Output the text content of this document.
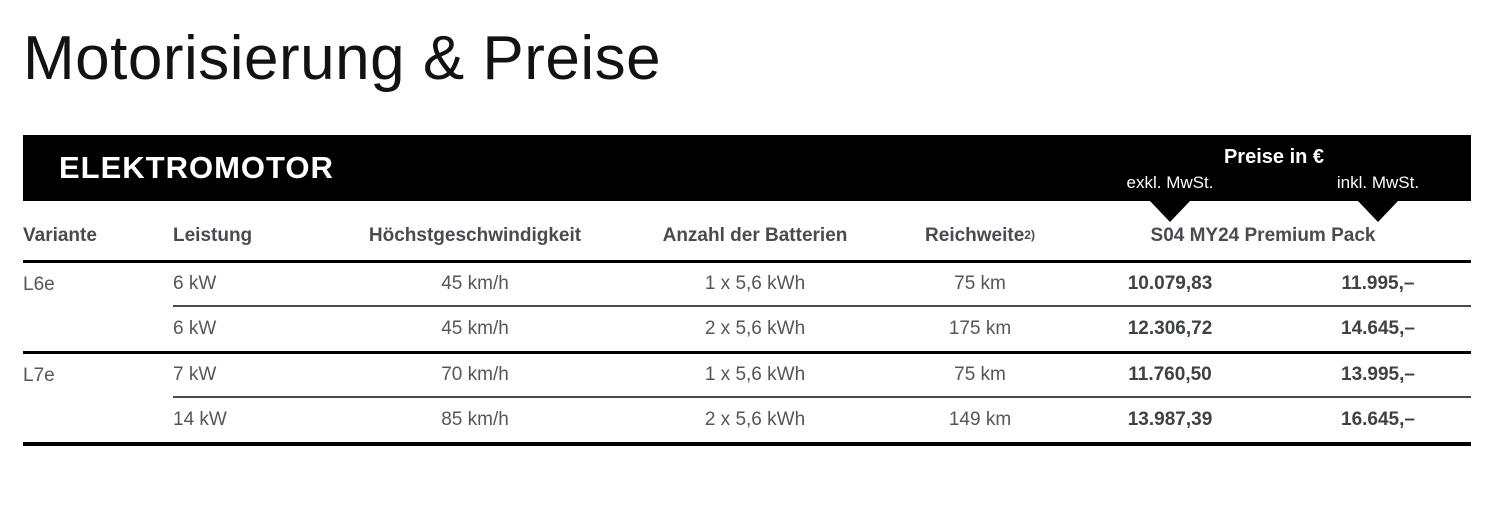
Motorisierung & Preise
ELEKTROMOTOR	Preise in €
exkl. MwSt.	inkl. MwSt.
Variante	Leistung	Höchstgeschwindigkeit	Anzahl der Batterien	Reichweite 2)	S04 MY24 Premium Pack
L6e	6 kW	45 km/h	1 x 5,6 kWh	75 km	10.079,83	11.995,–
6 kW	45 km/h	2 x 5,6 kWh	175 km	12.306,72	14.645,–
L7e	7 kW	70 km/h	1 x 5,6 kWh	75 km	11.760,50	13.995,–
14 kW	85 km/h	2 x 5,6 kWh	149 km	13.987,39	16.645,–
